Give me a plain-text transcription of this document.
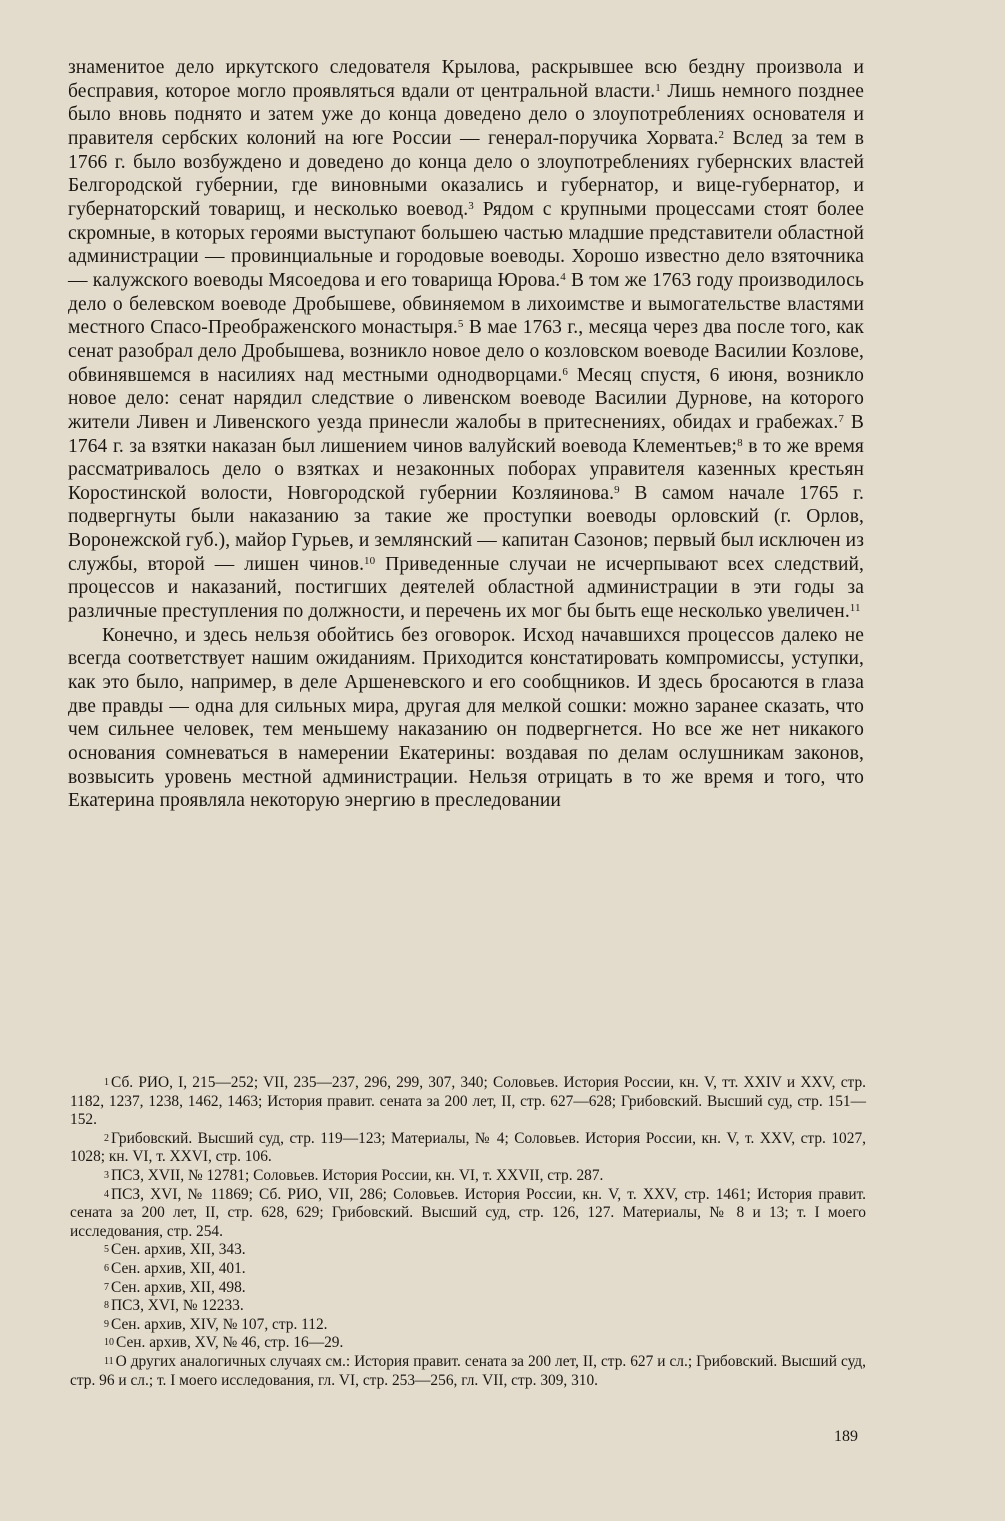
знаменитое дело иркутского следователя Крылова, раскрывшее всю бездну произвола и бесправия, которое могло проявляться вдали от центральной власти.$^1$ Лишь немного позднее было вновь поднято и затем уже до конца доведено дело о злоупотреблениях основателя и правителя сербских колоний на юге России — генерал-поручика Хорвата.$^2$ Вслед за тем в 1766 г. было возбуждено и доведено до конца дело о злоупотреблениях губернских властей Белгородской губернии, где виновными оказались и губернатор, и вице-губернатор, и губернаторский товарищ, и несколько воевод.$^3$ Рядом с крупными процессами стоят более скромные, в которых героями выступают большею частью младшие представители областной администрации — провинциальные и городовые воеводы. Хорошо известно дело взяточника — калужского воеводы Мясоедова и его товарища Юрова.$^4$ В том же 1763 году производилось дело о белевском воеводе Дробышеве, обвиняемом в лихоимстве и вымогательстве властями местного Спасо-Преображенского монастыря.$^5$ В мае 1763 г., месяца через два после того, как сенат разобрал дело Дробышева, возникло новое дело о козловском воеводе Василии Козлове, обвинявшемся в насилиях над местными однодворцами.$^6$ Месяц спустя, 6 июня, возникло новое дело: сенат нарядил следствие о ливенском воеводе Василии Дурнове, на которого жители Ливен и Ливенского уезда принесли жалобы в притеснениях, обидах и грабежах.$^7$ В 1764 г. за взятки наказан был лишением чинов валуйский воевода Клементьев;$^8$ в то же время рассматривалось дело о взятках и незаконных поборах управителя казенных крестьян Коростинской волости, Новгородской губернии Козляинова.$^9$ В самом начале 1765 г. подвергнуты были наказанию за такие же проступки воеводы орловский (г. Орлов, Воронежской губ.), майор Гурьев, и землянский — капитан Сазонов; первый был исключен из службы, второй — лишен чинов.$^{10}$ Приведенные случаи не исчерпывают всех следствий, процессов и наказаний, постигших деятелей областной администрации в эти годы за различные преступления по должности, и перечень их мог бы быть еще несколько увеличен.$^{11}$

Конечно, и здесь нельзя обойтись без оговорок. Исход начавшихся процессов далеко не всегда соответствует нашим ожиданиям. Приходится констатировать компромиссы, уступки, как это было, например, в деле Аршеневского и его сообщников. И здесь бросаются в глаза две правды — одна для сильных мира, другая для мелкой сошки: можно заранее сказать, что чем сильнее человек, тем меньшему наказанию он подвергнется. Но все же нет никакого основания сомневаться в намерении Екатерины: воздавая по делам ослушникам законов, возвысить уровень местной администрации. Нельзя отрицать в то же время и того, что Екатерина проявляла некоторую энергию в преследовании

1 Сб. РИО, I, 215—252; VII, 235—237, 296, 299, 307, 340; Соловьев. История России, кн. V, тт. XXIV и XXV, стр. 1182, 1237, 1238, 1462, 1463; История правит. сената за 200 лет, II, стр. 627—628; Грибовский. Высший суд, стр. 151—152.

2 Грибовский. Высший суд, стр. 119—123; Материалы, № 4; Соловьев. История России, кн. V, т. XXV, стр. 1027, 1028; кн. VI, т. XXVI, стр. 106.

3 ПСЗ, XVII, № 12781; Соловьев. История России, кн. VI, т. XXVII, стр. 287.

4 ПСЗ, XVI, № 11869; Сб. РИО, VII, 286; Соловьев. История России, кн. V, т. XXV, стр. 1461; История правит. сената за 200 лет, II, стр. 628, 629; Грибовский. Высший суд, стр. 126, 127. Материалы, № 8 и 13; т. I моего исследования, стр. 254.

5 Сен. архив, XII, 343.

6 Сен. архив, XII, 401.

7 Сен. архив, XII, 498.

8 ПСЗ, XVI, № 12233.

9 Сен. архив, XIV, № 107, стр. 112.

10 Сен. архив, XV, № 46, стр. 16—29.

11 О других аналогичных случаях см.: История правит. сената за 200 лет, II, стр. 627 и сл.; Грибовский. Высший суд, стр. 96 и сл.; т. I моего исследования, гл. VI, стр. 253—256, гл. VII, стр. 309, 310.

189
